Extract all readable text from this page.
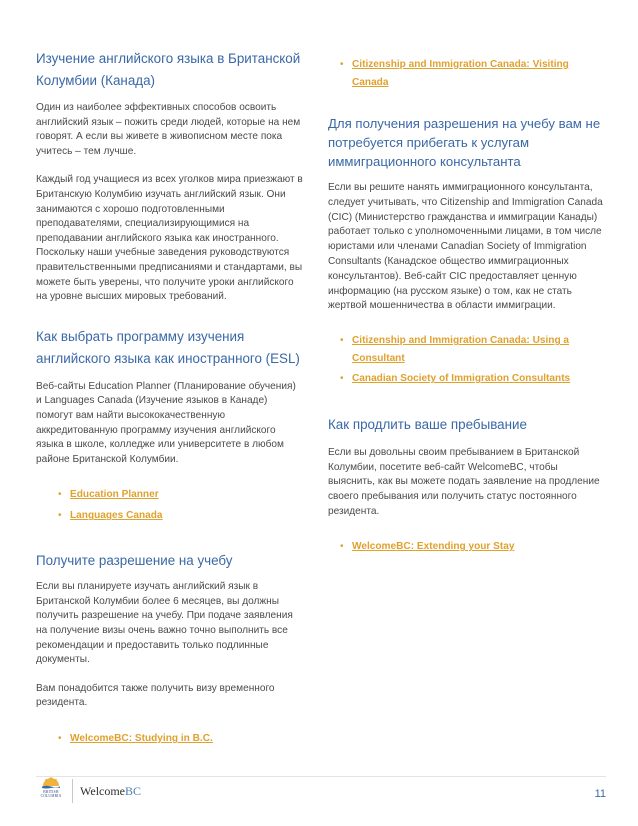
Изучение английского языка в Британской Колумбии (Канада)

Один из наиболее эффективных способов освоить английский язык – пожить среди людей, которые на нем говорят. А если вы живете в живописном месте пока учитесь – тем лучше.

Каждый год учащиеся из всех уголков мира приезжают в Британскую Колумбию изучать английский язык. Они занимаются с хорошо подготовленными преподавателями, специализирующимися на преподавании английского языка как иностранного. Поскольку наши учебные заведения руководствуются правительственными предписаниями и стандартами, вы можете быть уверены, что получите уроки английского на уровне высших мировых требований.

Как выбрать программу изучения английского языка как иностранного (ESL)

Веб-сайты Education Planner (Планирование обучения) и Languages Canada (Изучение языков в Канаде) помогут вам найти высококачественную аккредитованную программу изучения английского языка в школе, колледже или университете в любом районе Британской Колумбии.

• Education Planner
• Languages Canada
Получите разрешение на учебу

Если вы планируете изучать английский язык в Британской Колумбии более 6 месяцев, вы должны получить разрешение на учебу. При подаче заявления на получение визы очень важно точно выполнить все рекомендации и предоставить только подлинные документы.

Вам понадобится также получить визу временного резидента.

• WelcomeBC: Studying in B.C.
• Citizenship and Immigration Canada: Visiting Canada
Для получения разрешения на учебу вам не потребуется прибегать к услугам иммиграционного консультанта

Если вы решите нанять иммиграционного консультанта, следует учитывать, что Citizenship and Immigration Canada (CIC) (Министерство гражданства и иммиграции Канады) работает только с уполномоченными лицами, в том числе юристами или членами Canadian Society of Immigration Consultants (Канадское общество иммиграционных консультантов). Веб-сайт CIC предоставляет ценную информацию (на русском языке) о том, как не стать жертвой мошенничества в области иммиграции.

• Citizenship and Immigration Canada: Using a Consultant
• Canadian Society of Immigration Consultants
Как продлить ваше пребывание

Если вы довольны своим пребыванием в Британской Колумбии, посетите веб-сайт WelcomeBC, чтобы выяснить, как вы можете подать заявление на продление своего пребывания или получить статус постоянного резидента.

• WelcomeBC: Extending your Stay
BRITISH
COLUMBIA WelcomeBC	11
